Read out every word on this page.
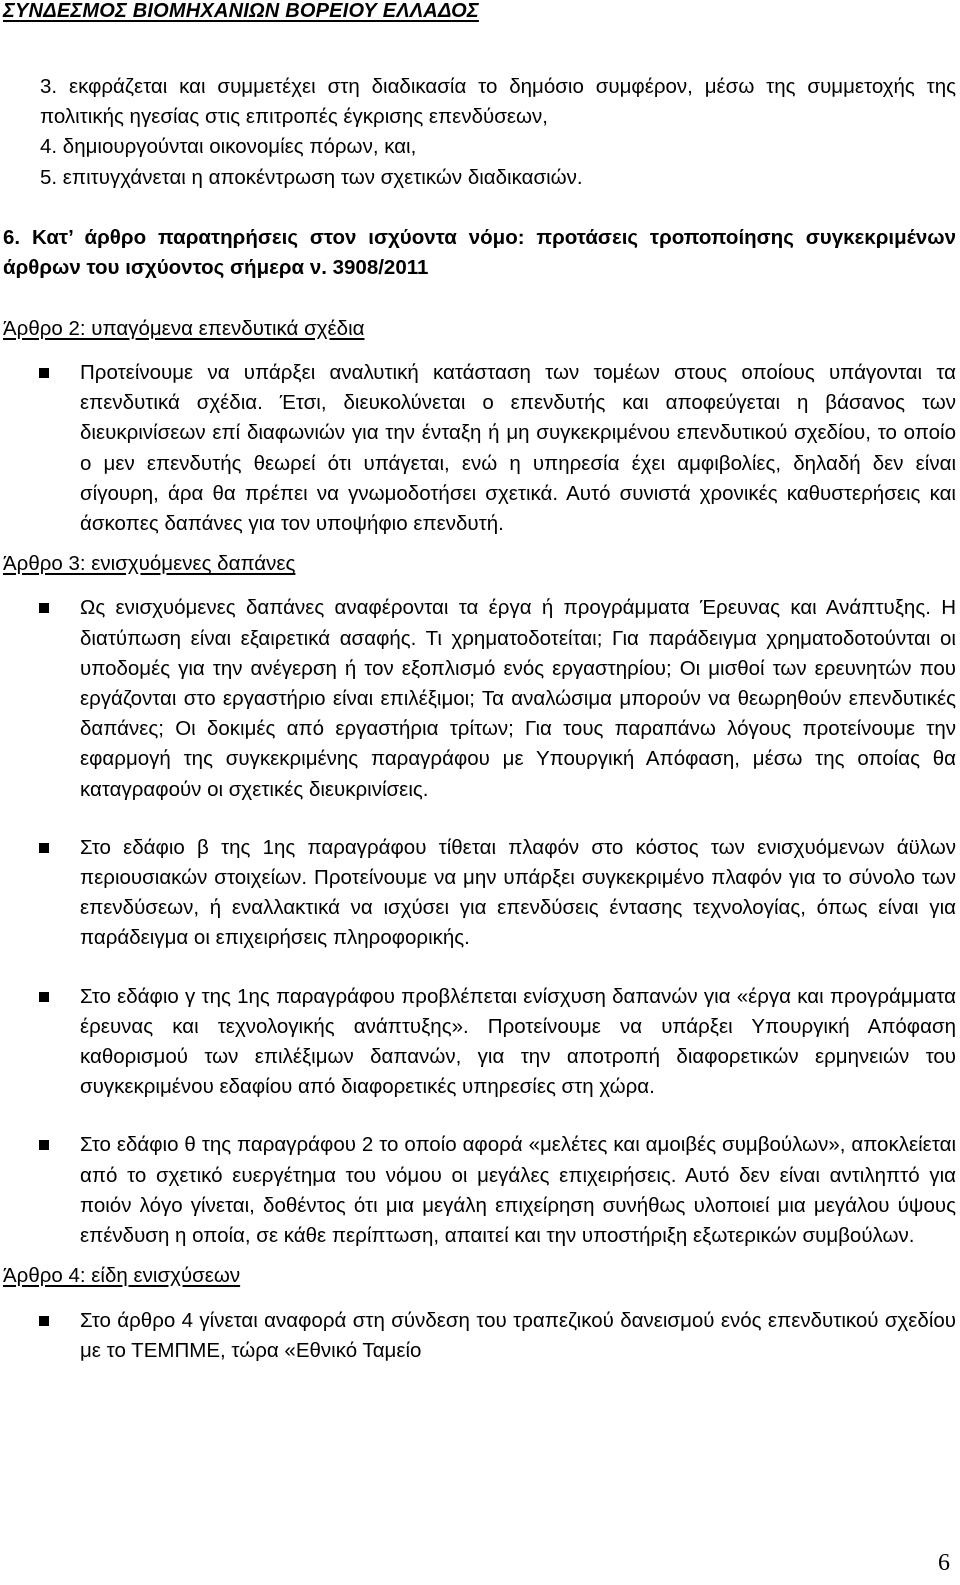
ΣΥΝΔΕΣΜΟΣ ΒΙΟΜΗΧΑΝΙΩΝ ΒΟΡΕΙΟΥ ΕΛΛΑΔΟΣ
3. εκφράζεται και συμμετέχει στη διαδικασία το δημόσιο συμφέρον, μέσω της συμμετοχής της πολιτικής ηγεσίας στις επιτροπές έγκρισης επενδύσεων,
4. δημιουργούνται οικονομίες πόρων, και,
5. επιτυγχάνεται η αποκέντρωση των σχετικών διαδικασιών.
6. Κατ’ άρθρο παρατηρήσεις στον ισχύοντα νόμο: προτάσεις τροποποίησης συγκεκριμένων άρθρων του ισχύοντος σήμερα ν. 3908/2011
Άρθρο 2: υπαγόμενα επενδυτικά σχέδια
Προτείνουμε να υπάρξει αναλυτική κατάσταση των τομέων στους οποίους υπάγονται τα επενδυτικά σχέδια. Έτσι, διευκολύνεται ο επενδυτής και αποφεύγεται η βάσανος των διευκρινίσεων επί διαφωνιών για την ένταξη ή μη συγκεκριμένου επενδυτικού σχεδίου, το οποίο ο μεν επενδυτής θεωρεί ότι υπάγεται, ενώ η υπηρεσία έχει αμφιβολίες, δηλαδή δεν είναι σίγουρη, άρα θα πρέπει να γνωμοδοτήσει σχετικά. Αυτό συνιστά χρονικές καθυστερήσεις και άσκοπες δαπάνες για τον υποψήφιο επενδυτή.
Άρθρο 3: ενισχυόμενες δαπάνες
Ως ενισχυόμενες δαπάνες αναφέρονται τα έργα ή προγράμματα Έρευνας και Ανάπτυξης. Η διατύπωση είναι εξαιρετικά ασαφής. Τι χρηματοδοτείται; Για παράδειγμα χρηματοδοτούνται οι υποδομές για την ανέγερση ή τον εξοπλισμό ενός εργαστηρίου; Οι μισθοί των ερευνητών που εργάζονται στο εργαστήριο είναι επιλέξιμοι; Τα αναλώσιμα μπορούν να θεωρηθούν επενδυτικές δαπάνες; Οι δοκιμές από εργαστήρια τρίτων; Για τους παραπάνω λόγους προτείνουμε την εφαρμογή της συγκεκριμένης παραγράφου με Υπουργική Απόφαση, μέσω της οποίας θα καταγραφούν οι σχετικές διευκρινίσεις.
Στο εδάφιο β της 1ης παραγράφου τίθεται πλαφόν στο κόστος των ενισχυόμενων άϋλων περιουσιακών στοιχείων. Προτείνουμε να μην υπάρξει συγκεκριμένο πλαφόν για το σύνολο των επενδύσεων, ή εναλλακτικά να ισχύσει για επενδύσεις έντασης τεχνολογίας, όπως είναι για παράδειγμα οι επιχειρήσεις πληροφορικής.
Στο εδάφιο γ της 1ης παραγράφου προβλέπεται ενίσχυση δαπανών για «έργα και προγράμματα έρευνας και τεχνολογικής ανάπτυξης». Προτείνουμε να υπάρξει Υπουργική Απόφαση καθορισμού των επιλέξιμων δαπανών, για την αποτροπή διαφορετικών ερμηνειών του συγκεκριμένου εδαφίου από διαφορετικές υπηρεσίες στη χώρα.
Στο εδάφιο θ της παραγράφου 2 το οποίο αφορά «μελέτες και αμοιβές συμβούλων», αποκλείεται από το σχετικό ευεργέτημα του νόμου οι μεγάλες επιχειρήσεις. Αυτό δεν είναι αντιληπτό για ποιόν λόγο γίνεται, δοθέντος ότι μια μεγάλη επιχείρηση συνήθως υλοποιεί μια μεγάλου ύψους επένδυση η οποία, σε κάθε περίπτωση, απαιτεί και την υποστήριξη εξωτερικών συμβούλων.
Άρθρο 4: είδη ενισχύσεων
Στο άρθρο 4 γίνεται αναφορά στη σύνδεση του τραπεζικού δανεισμού ενός επενδυτικού σχεδίου με το ΤΕΜΠΜΕ, τώρα «Εθνικό Ταμείο
6
